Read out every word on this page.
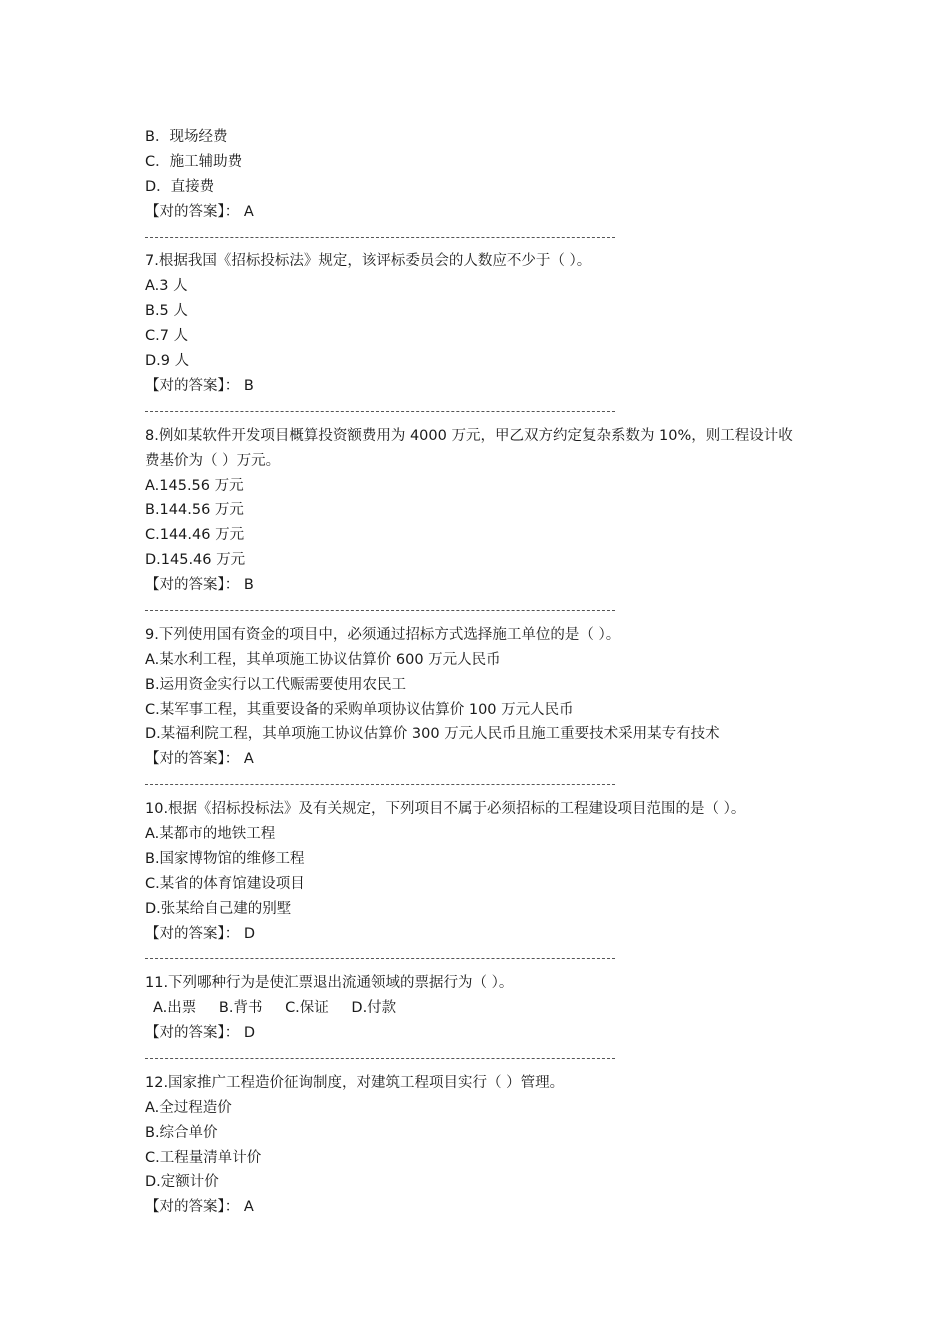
B．现场经费
C．施工辅助费
D．直接费
【对的答案】： A
7.根据我国《招标投标法》规定，该评标委员会的人数应不少于（ ）。
A.3 人
B.5 人
C.7 人
D.9 人
【对的答案】： B
8.例如某软件开发项目概算投资额费用为 4000 万元，甲乙双方约定复杂系数为 10%，则工程设计收费基价为（ ）万元。
A.145.56 万元
B.144.56 万元
C.144.46 万元
D.145.46 万元
【对的答案】： B
9.下列使用国有资金的项目中，必须通过招标方式选择施工单位的是（ ）。
A.某水利工程，其单项施工协议估算价 600 万元人民币
B.运用资金实行以工代赈需要使用农民工
C.某军事工程，其重要设备的采购单项协议估算价 100 万元人民币
D.某福利院工程，其单项施工协议估算价 300 万元人民币且施工重要技术采用某专有技术
【对的答案】： A
10.根据《招标投标法》及有关规定，下列项目不属于必须招标的工程建设项目范围的是（ ）。
A.某都市的地铁工程
B.国家博物馆的维修工程
C.某省的体育馆建设项目
D.张某给自己建的别墅
【对的答案】： D
11.下列哪种行为是使汇票退出流通领域的票据行为（ ）。
A.出票 B.背书 C.保证 D.付款
【对的答案】： D
12.国家推广工程造价征询制度，对建筑工程项目实行（ ）管理。
A.全过程造价
B.综合单价
C.工程量清单计价
D.定额计价
【对的答案】： A
